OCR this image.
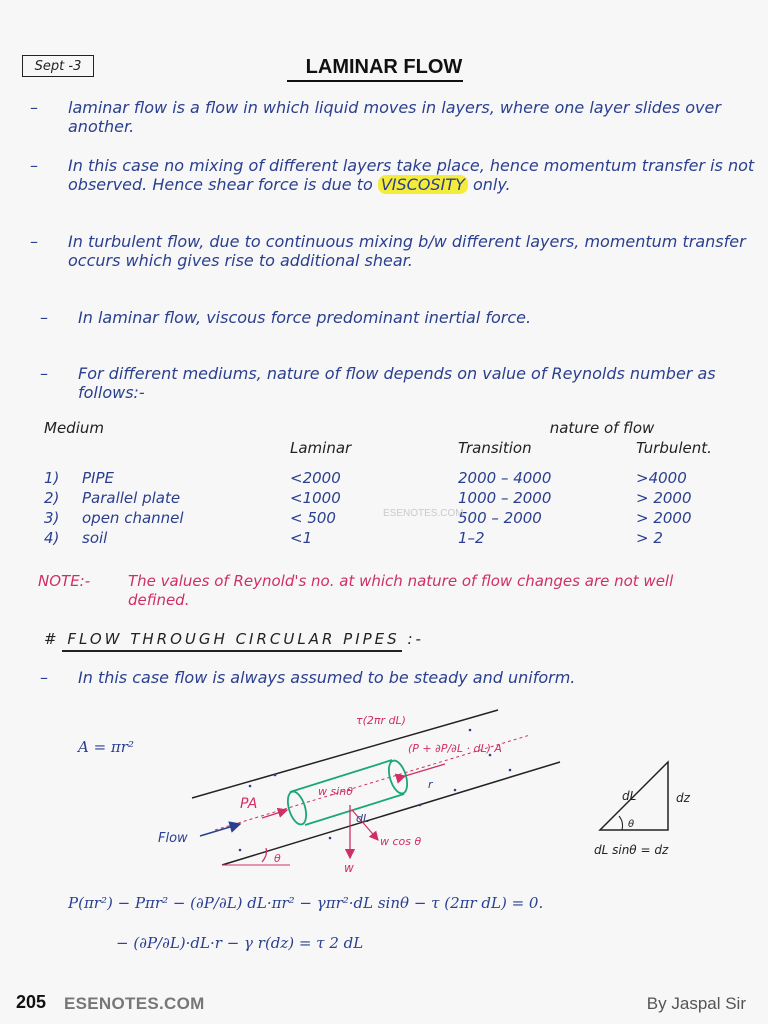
Sept -3	LAMINAR FLOW
– laminar flow is a flow in which liquid moves in layers, where one layer slides over another.
– In this case no mixing of different layers take place, hence momentum transfer is not observed. Hence shear force is due to VISCOSITY only.
– In turbulent flow, due to continuous mixing b/w different layers, momentum transfer occurs which gives rise to additional shear.
– In laminar flow, viscous force predominant inertial force.
– For different mediums, nature of flow depends on value of Reynolds number as follows:-
Medium			nature of flow	
		Laminar	Transition	Turbulent.

1)	PIPE	<2000	2000 – 4000	>4000
2)	Parallel plate	<1000	1000 – 2000	> 2000
3)	open channel	< 500	500 – 2000	> 2000
4)	soil	<1	1–2	> 2
ESENOTES.COM
NOTE:-	The values of Reynold's no. at which nature of flow changes are not well defined.
# FLOW THROUGH CIRCULAR PIPES :-
– In this case flow is always assumed to be steady and uniform.
A = πr²
PA
τ(2πr dL)
(P + ∂P/∂L · dL) A
w sinθ
dL
r
w cos θ
w
θ
Flow
dL	dz
θ
dL sinθ = dz
P(πr²) − Pπr² − (∂P/∂L) dL·πr² − γπr²·dL sinθ − τ (2πr dL) = 0.
− (∂P/∂L)·dL·r − γ r(dz) = τ 2 dL
205 ESENOTES.COM	By Jaspal Sir
